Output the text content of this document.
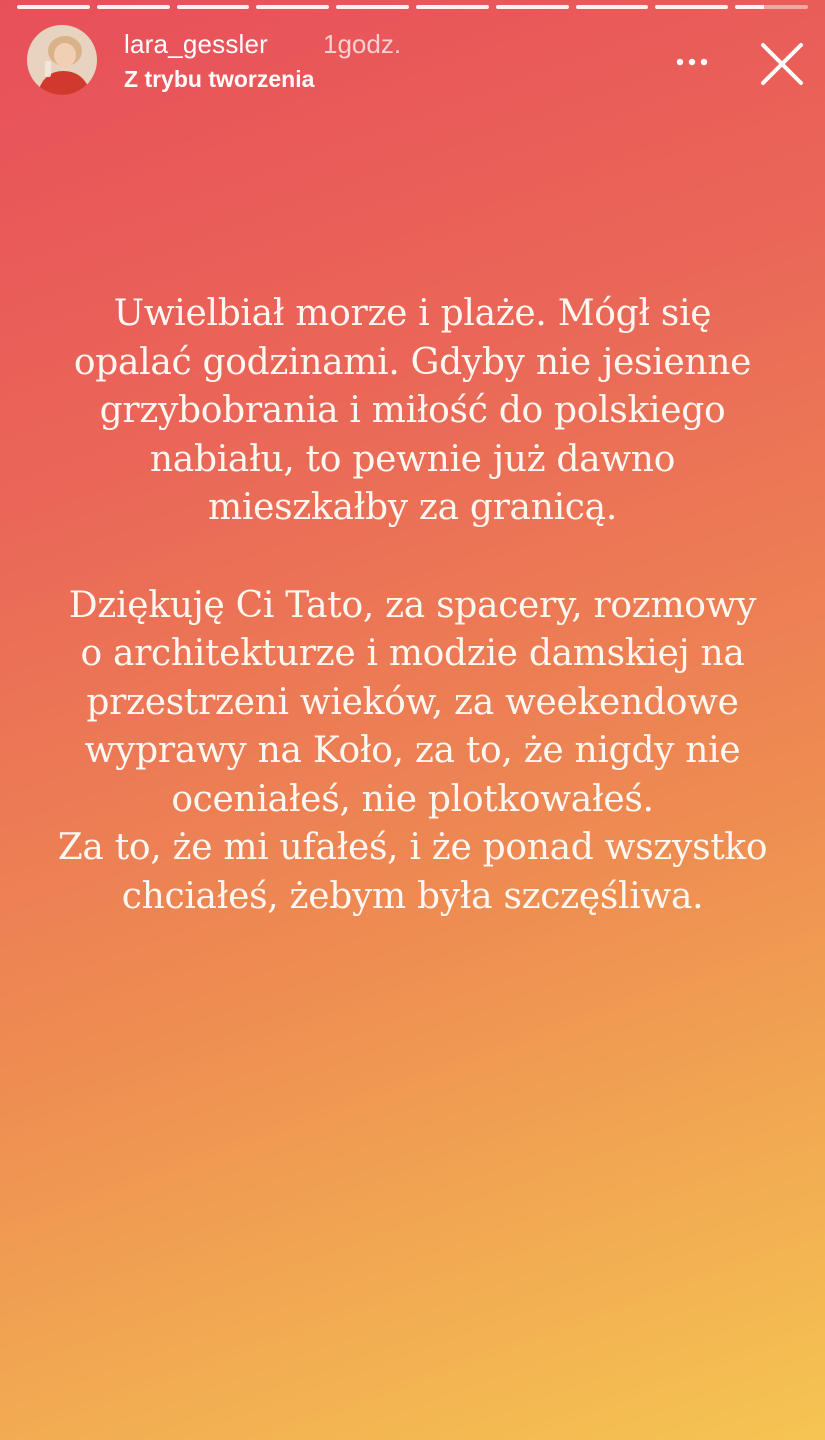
lara_gessler 1godz.
Z trybu tworzenia

Uwielbiał morze i plaże. Mógł się
opalać godzinami. Gdyby nie jesienne
grzybobrania i miłość do polskiego
nabiału, to pewnie już dawno
mieszkałby za granicą.

Dziękuję Ci Tato, za spacery, rozmowy
o architekturze i modzie damskiej na
przestrzeni wieków, za weekendowe
wyprawy na Koło, za to, że nigdy nie
oceniałeś, nie plotkowałeś.
Za to, że mi ufałeś, i że ponad wszystko
chciałeś, żebym była szczęśliwa.
